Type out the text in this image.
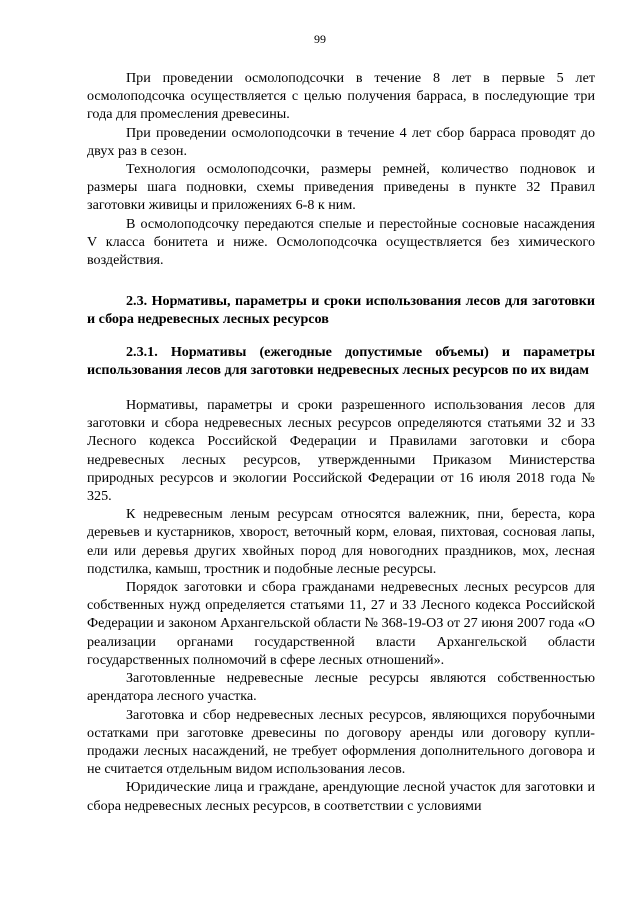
99

При проведении осмолоподсочки в течение 8 лет в первые 5 лет осмолоподсочка осуществляется с целью получения барраса, в последующие три года для промесления древесины.

При проведении осмолоподсочки в течение 4 лет сбор барраса проводят до двух раз в сезон.

Технология осмолоподсочки, размеры ремней, количество подновок и размеры шага подновки, схемы приведения приведены в пункте 32 Правил заготовки живицы и приложениях 6-8 к ним.

В осмолоподсочку передаются спелые и перестойные сосновые насаждения V класса бонитета и ниже. Осмолоподсочка осуществляется без химического воздействия.

2.3. Нормативы, параметры и сроки использования лесов для заготовки и сбора недревесных лесных ресурсов

2.3.1. Нормативы (ежегодные допустимые объемы) и параметры использования лесов для заготовки недревесных лесных ресурсов по их видам

Нормативы, параметры и сроки разрешенного использования лесов для заготовки и сбора недревесных лесных ресурсов определяются статьями 32 и 33 Лесного кодекса Российской Федерации и Правилами заготовки и сбора недревесных лесных ресурсов, утвержденными Приказом Министерства природных ресурсов и экологии Российской Федерации от 16 июля 2018 года № 325.

К недревесным леным ресурсам относятся валежник, пни, береста, кора деревьев и кустарников, хворост, веточный корм, еловая, пихтовая, сосновая лапы, ели или деревья других хвойных пород для новогодних праздников, мох, лесная подстилка, камыш, тростник и подобные лесные ресурсы.

Порядок заготовки и сбора гражданами недревесных лесных ресурсов для собственных нужд определяется статьями 11, 27 и 33 Лесного кодекса Российской Федерации и законом Архангельской области № 368-19-ОЗ от 27 июня 2007 года «О реализации органами государственной власти Архангельской области государственных полномочий в сфере лесных отношений».

Заготовленные недревесные лесные ресурсы являются собственностью арендатора лесного участка.

Заготовка и сбор недревесных лесных ресурсов, являющихся порубочными остатками при заготовке древесины по договору аренды или договору купли-продажи лесных насаждений, не требует оформления дополнительного договора и не считается отдельным видом использования лесов.

Юридические лица и граждане, арендующие лесной участок для заготовки и сбора недревесных лесных ресурсов, в соответствии с условиями
